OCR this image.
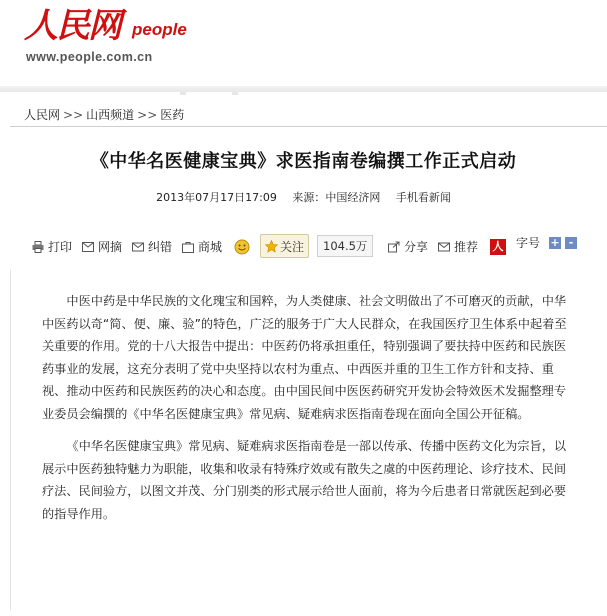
人民网 people
www.people.com.cn
人民网 >> 山西频道 >> 医药
《中华名医健康宝典》求医指南卷编撰工作正式启动
2013年07月17日17:09 来源：中国经济网 手机看新闻
打印 网摘 纠错 商城	关注	104.5万	分享 推荐 人 字号 + -

中医中药是中华民族的文化瑰宝和国粹，为人类健康、社会文明做出了不可磨灭的贡献，中华中医药以奇“简、便、廉、验”的特色，广泛的服务于广大人民群众，在我国医疗卫生体系中起着至关重要的作用。党的十八大报告中提出：中医药仍将承担重任，特别强调了要扶持中医药和民族医药事业的发展，这充分表明了党中央坚持以农村为重点、中西医并重的卫生工作方针和支持、重视、推动中医药和民族医药的决心和态度。由中国民间中医医药研究开发协会特效医术发掘整理专业委员会编撰的《中华名医健康宝典》常见病、疑难病求医指南卷现在面向全国公开征稿。

《中华名医健康宝典》常见病、疑难病求医指南卷是一部以传承、传播中医药文化为宗旨，以展示中医药独特魅力为职能，收集和收录有特殊疗效或有散失之虞的中医药理论、诊疗技术、民间疗法、民间验方，以图文并茂、分门别类的形式展示给世人面前，将为今后患者日常就医起到必要的指导作用。
